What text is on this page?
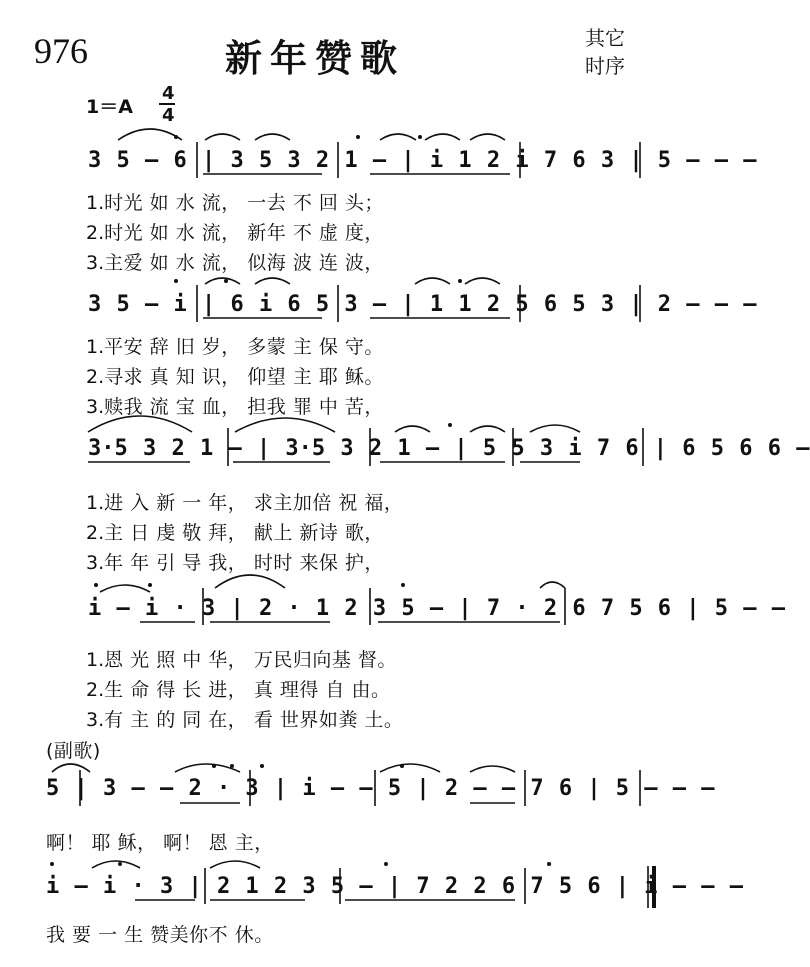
976	新年赞歌	其它
时序
1＝A
4
4
3 5 – 6 | 3 5 3 2 1 – | i 1 2 i 7 6 3 | 5 – – –
1.时光 如 水 流， 一去 不 回 头；
2.时光 如 水 流， 新年 不 虚 度，
3.主爱 如 水 流， 似海 波 连 波，
3 5 – i | 6 i 6 5 3 – | 1 1 2 5 6 5 3 | 2 – – –
1.平安 辞 旧 岁， 多蒙 主 保 守。
2.寻求 真 知 识， 仰望 主 耶 稣。
3.赎我 流 宝 血， 担我 罪 中 苦，
3·5 3 2 1 – | 3·5 3 2 1 – | 5 5 3 i 7 6 | 6 5 6 6 –
1.进 入 新 一 年， 求主加倍 祝 福，
2.主 日 虔 敬 拜， 献上 新诗 歌，
3.年 年 引 导 我， 时时 来保 护，
i – i · 3 | 2 · 1 2 3 5 – | 7 · 2 6 7 5 6 | 5 – –
1.恩 光 照 中 华， 万民归向基 督。
2.生 命 得 长 进， 真 理得 自 由。
3.有 主 的 同 在， 看 世界如粪 土。
(副歌)
5 | 3 – – 2 · 3 | i – – 5 | 2 – – 7 6 | 5 – – –
啊！ 耶 稣， 啊！ 恩 主，
i – i · 3 | 2 1 2 3 5 – | 7 2 2 6 7 5 6 | i – – –
我 要 一 生 赞美你不 休。
